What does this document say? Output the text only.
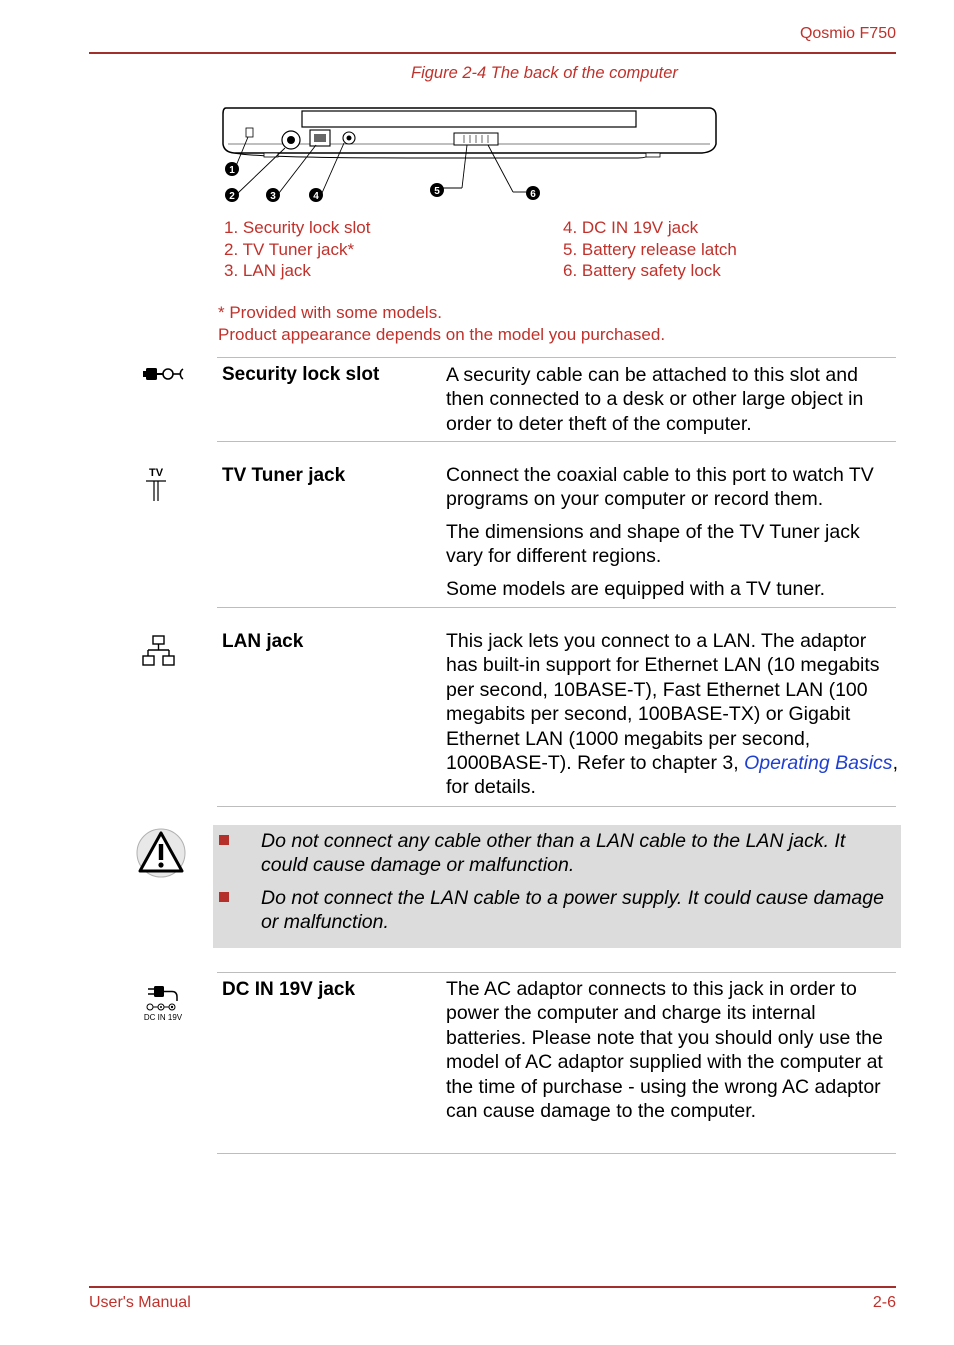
Qosmio F750
Figure 2-4 The back of the computer
1
2	3	4	5	6
1. Security lock slot
2. TV Tuner jack*
3. LAN jack
4. DC IN 19V jack
5. Battery release latch
6. Battery safety lock
* Provided with some models.
Product appearance depends on the model you purchased.
Security lock slot	A security cable can be attached to this slot and then connected to a desk or other large object in order to deter theft of the computer.

TV	TV Tuner jack	Connect the coaxial cable to this port to watch TV programs on your computer or record them.

The dimensions and shape of the TV Tuner jack vary for different regions.

Some models are equipped with a TV tuner.

LAN jack	This jack lets you connect to a LAN. The adaptor has built-in support for Ethernet LAN (10 megabits per second, 10BASE-T), Fast Ethernet LAN (100 megabits per second, 100BASE-TX) or Gigabit Ethernet LAN (1000 megabits per second, 1000BASE-T). Refer to chapter 3, Operating Basics, for details.

Do not connect any cable other than a LAN cable to the LAN jack. It could cause damage or malfunction.
Do not connect the LAN cable to a power supply. It could cause damage or malfunction.
DC IN 19V
DC IN 19V jack	The AC adaptor connects to this jack in order to power the computer and charge its internal batteries. Please note that you should only use the model of AC adaptor supplied with the computer at the time of purchase - using the wrong AC adaptor can cause damage to the computer.

User's Manual	2-6
